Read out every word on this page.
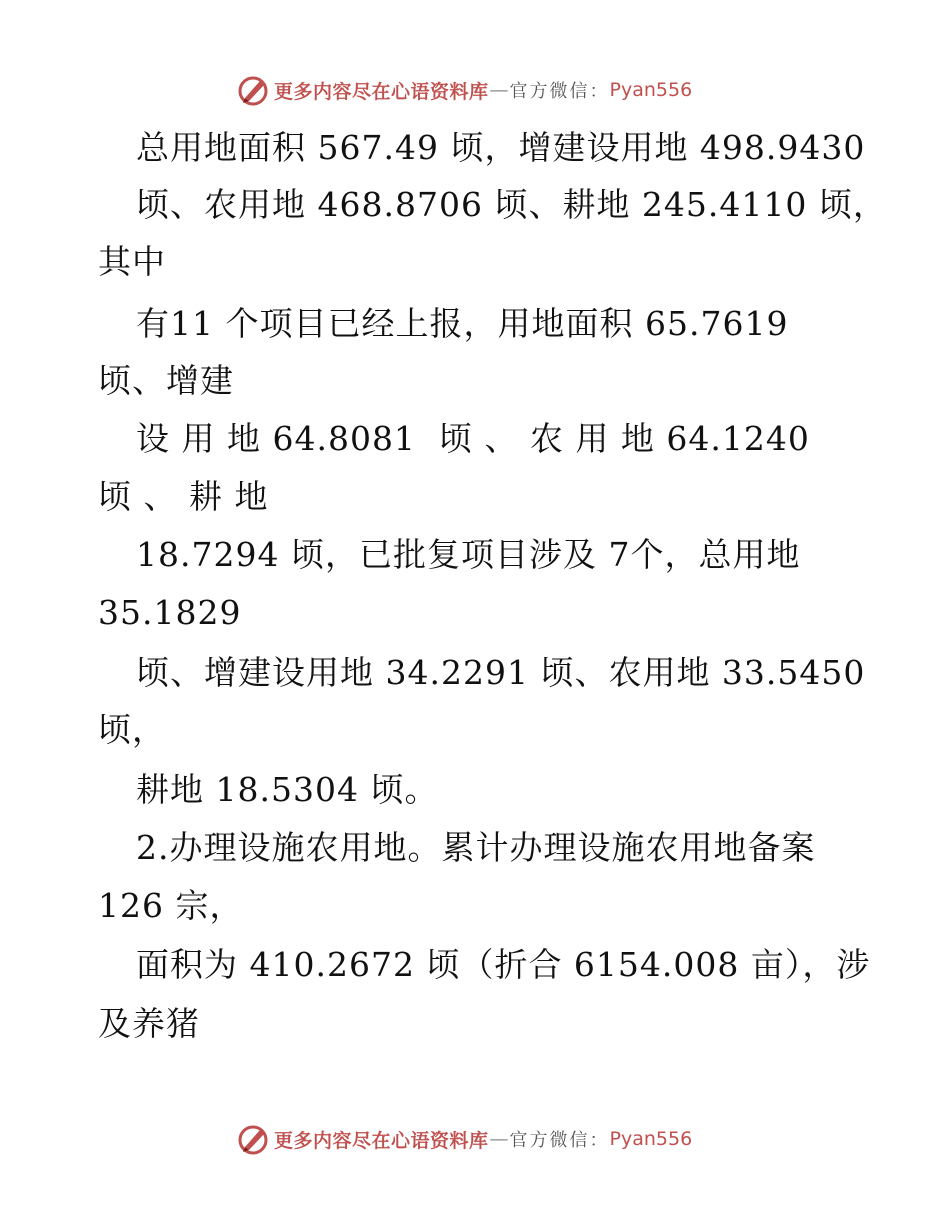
更多内容尽在心语资料库 — 官方微信： Pyan556
总用地面积 567.49 顷，增建设用地 498.9430
顷、农用地 468.8706 顷、耕地 245.4110 顷，
其中
有11 个项目已经上报，用地面积 65.7619
顷、增建
设 用 地 64.8081  顷 、 农 用 地 64.1240
顷 、 耕 地
18.7294 顷，已批复项目涉及 7个，总用地
35.1829
顷、增建设用地 34.2291 顷、农用地 33.5450
顷，
耕地 18.5304 顷。
2.办理设施农用地。累计办理设施农用地备案
126 宗，
面积为 410.2672 顷（折合 6154.008 亩），涉
及养猪
更多内容尽在心语资料库 — 官方微信： Pyan556
